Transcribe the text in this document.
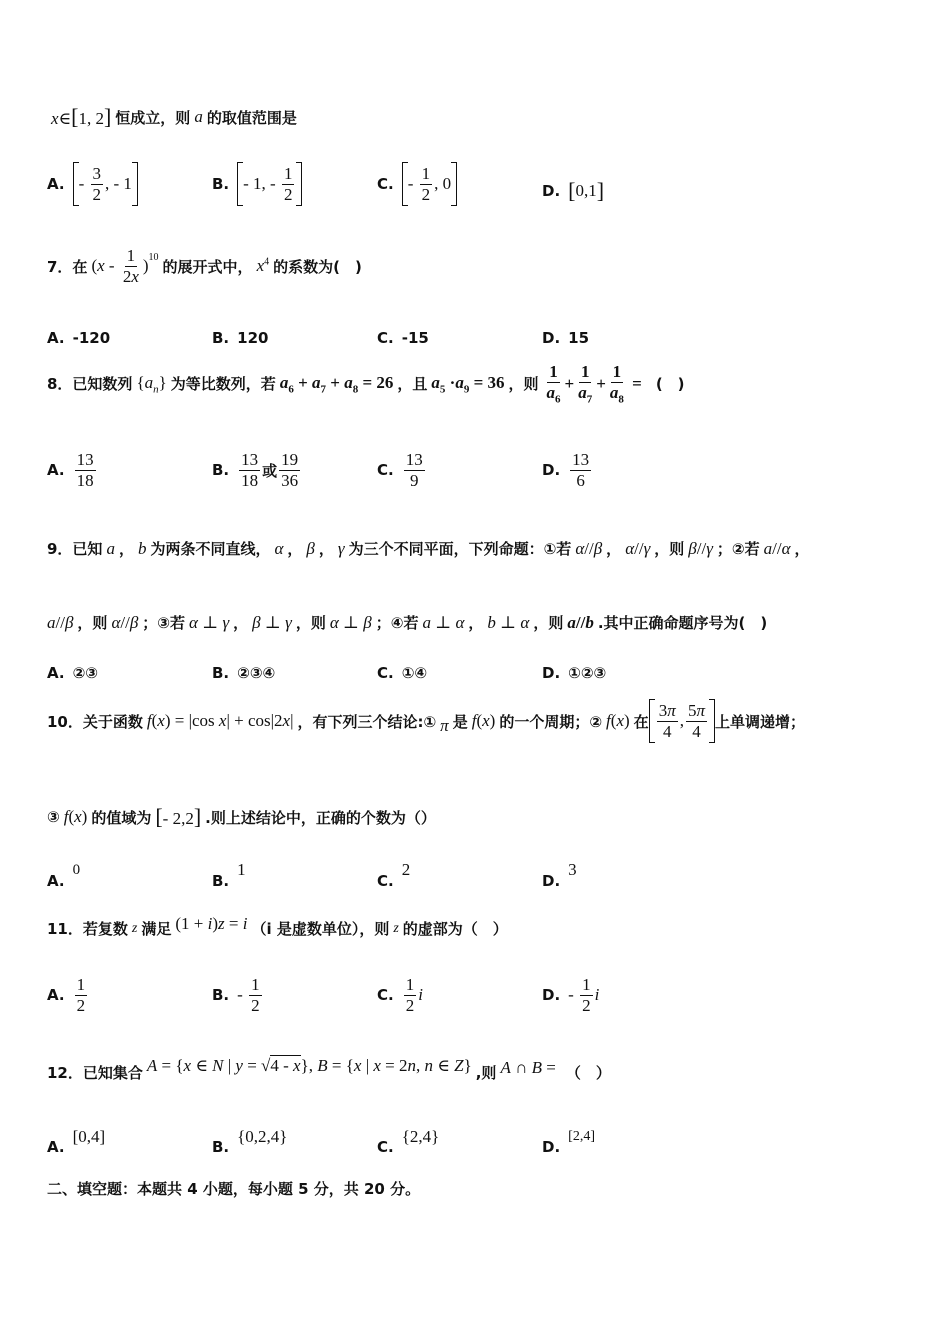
x∈[1, 2] 恒成立，则 a 的取值范围是
A. - $\frac{3}{2}$ , - 1	B. - 1, - $\frac{1}{2}$	C. - $\frac{1}{2}$ , 0	D. [ 0,1 ]
7．在 $(x - \frac{1}{2x} )^{10}$
的展开式中， $x^4$ 的系数为(　)
A. -120	B. 120	C. -15	D. 15
8．已知数列 $\{a_n\}$ 为等比数列，若 $a_6 + a_7 + a_8 = 26$ ，且 $a_5 \cdot a_9 = 36$ ，则 $\frac{1}{a_6} + \frac{1}{a_7} + \frac{1}{a_8}$ = (　)
A. $\frac{13}{18}$	B. $\frac{13}{18}$ 或 $\frac{19}{36}$	C. $\frac{13}{9}$	D. $\frac{13}{6}$
9．已知 a ， b 为两条不同直线， α ， β ， γ 为三个不同平面，下列命题：①若 α//β ， α//γ ，则 β//γ ；②若 a//α ，
a//β ，则 α//β ；③若 α ⊥ γ ， β ⊥ γ ，则 α ⊥ β ；④若 a ⊥ α ， b ⊥ α ，则 a//b .其中正确命题序号为(　)
A. ②③	B. ②③④	C. ①④	D. ①②③
10．关于函数 f(x) = |cos x| + cos|2x| ，有下列三个结论:① π 是 f(x) 的一个周期；② f(x) 在 $\frac{3\pi}{4}$ , $\frac{5\pi}{4}$ 上单调递增；
③ f(x) 的值域为 [- 2,2] .则上述结论中，正确的个数为（）
A.
0
B.
1
C.
2
D.
3
11．若复数 z 满足 (1 + i)z = i （i 是虚数单位），则 z 的虚部为（　）
A. $\frac{1}{2}$	B. - $\frac{1}{2}$	C. $\frac{1}{2}$ i	D. - $\frac{1}{2}$ i
12．已知集合 A = {x ∈ N | y = √4 - x}, B = {x | x = 2n, n ∈ Z} ,则 A ∩ B = （　）
A.
[0,4]
B.
{0,2,4}
C.
{2,4}
D.
[2,4]
二、填空题：本题共 4 小题，每小题 5 分，共 20 分。
